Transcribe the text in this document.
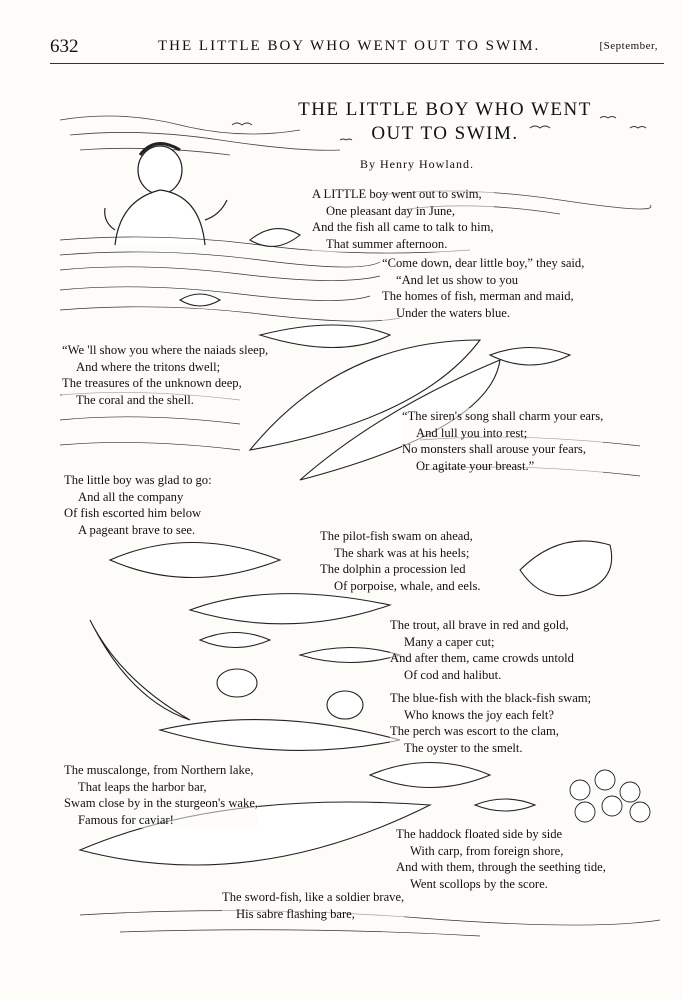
632	THE LITTLE BOY WHO WENT OUT TO SWIM.	[September,
THE LITTLE BOY WHO WENT
OUT TO SWIM.
By Henry Howland.
A LITTLE boy went out to swim,
One pleasant day in June,
And the fish all came to talk to him,
That summer afternoon.
“Come down, dear little boy,” they said,
“And let us show to you
The homes of fish, merman and maid,
Under the waters blue.
“We 'll show you where the naiads sleep,
And where the tritons dwell;
The treasures of the unknown deep,
The coral and the shell.
“The siren's song shall charm your ears,
And lull you into rest;
No monsters shall arouse your fears,
Or agitate your breast.”
The little boy was glad to go:
And all the company
Of fish escorted him below
A pageant brave to see.	The pilot-fish swam on ahead,
The shark was at his heels;
The dolphin a procession led
Of porpoise, whale, and eels.
The trout, all brave in red and gold,
Many a caper cut;
And after them, came crowds untold
Of cod and halibut.
The blue-fish with the black-fish swam;
Who knows the joy each felt?
The perch was escort to the clam,
The oyster to the smelt.
The muscalonge, from Northern lake,
That leaps the harbor bar,
Swam close by in the sturgeon's wake,
Famous for caviar!
The haddock floated side by side
With carp, from foreign shore,
And with them, through the seething tide,
Went scollops by the score.
The sword-fish, like a soldier brave,
His sabre flashing bare,
